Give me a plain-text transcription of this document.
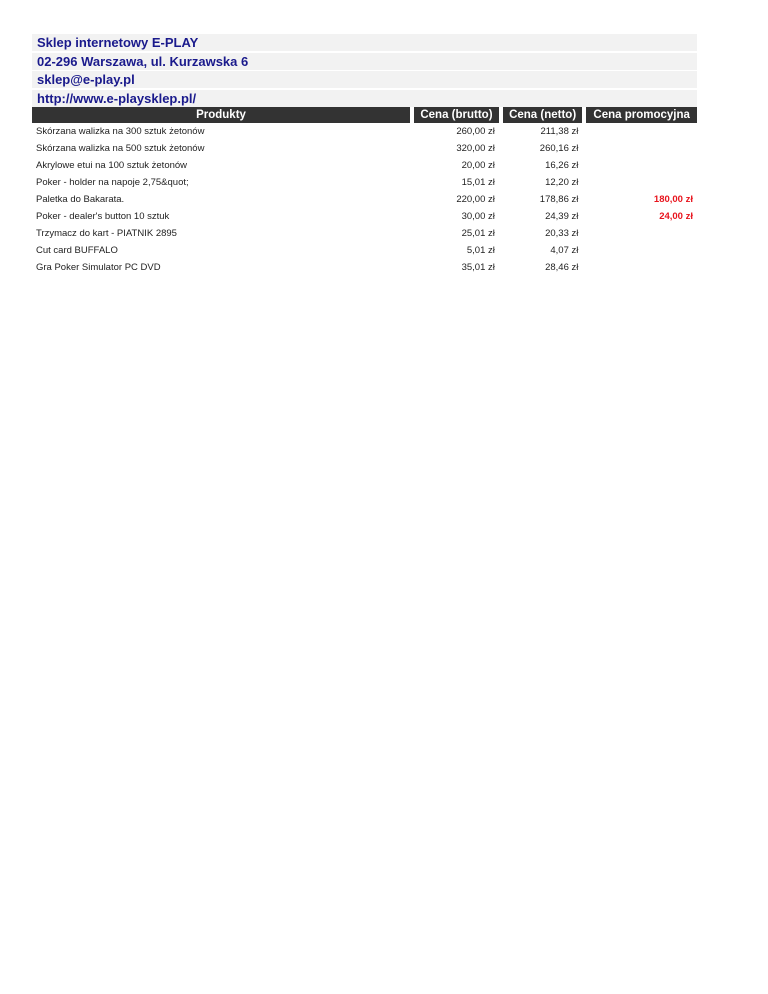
Sklep internetowy E-PLAY
02-296 Warszawa, ul. Kurzawska 6
sklep@e-play.pl
http://www.e-playsklep.pl/
Produkty		Cena (brutto)		Cena (netto)		Cena promocyjna
Skórzana walizka na 300 sztuk żetonów		260,00 zł		211,38 zł		
Skórzana walizka na 500 sztuk żetonów		320,00 zł		260,16 zł		
Akrylowe etui na 100 sztuk żetonów		20,00 zł		16,26 zł		
Poker - holder na napoje 2,75&quot;		15,01 zł		12,20 zł		
Paletka do Bakarata.		220,00 zł		178,86 zł		180,00 zł
Poker - dealer's button 10 sztuk		30,00 zł		24,39 zł		24,00 zł
Trzymacz do kart - PIATNIK 2895		25,01 zł		20,33 zł		
Cut card BUFFALO		5,01 zł		4,07 zł		
Gra Poker Simulator PC DVD		35,01 zł		28,46 zł		
